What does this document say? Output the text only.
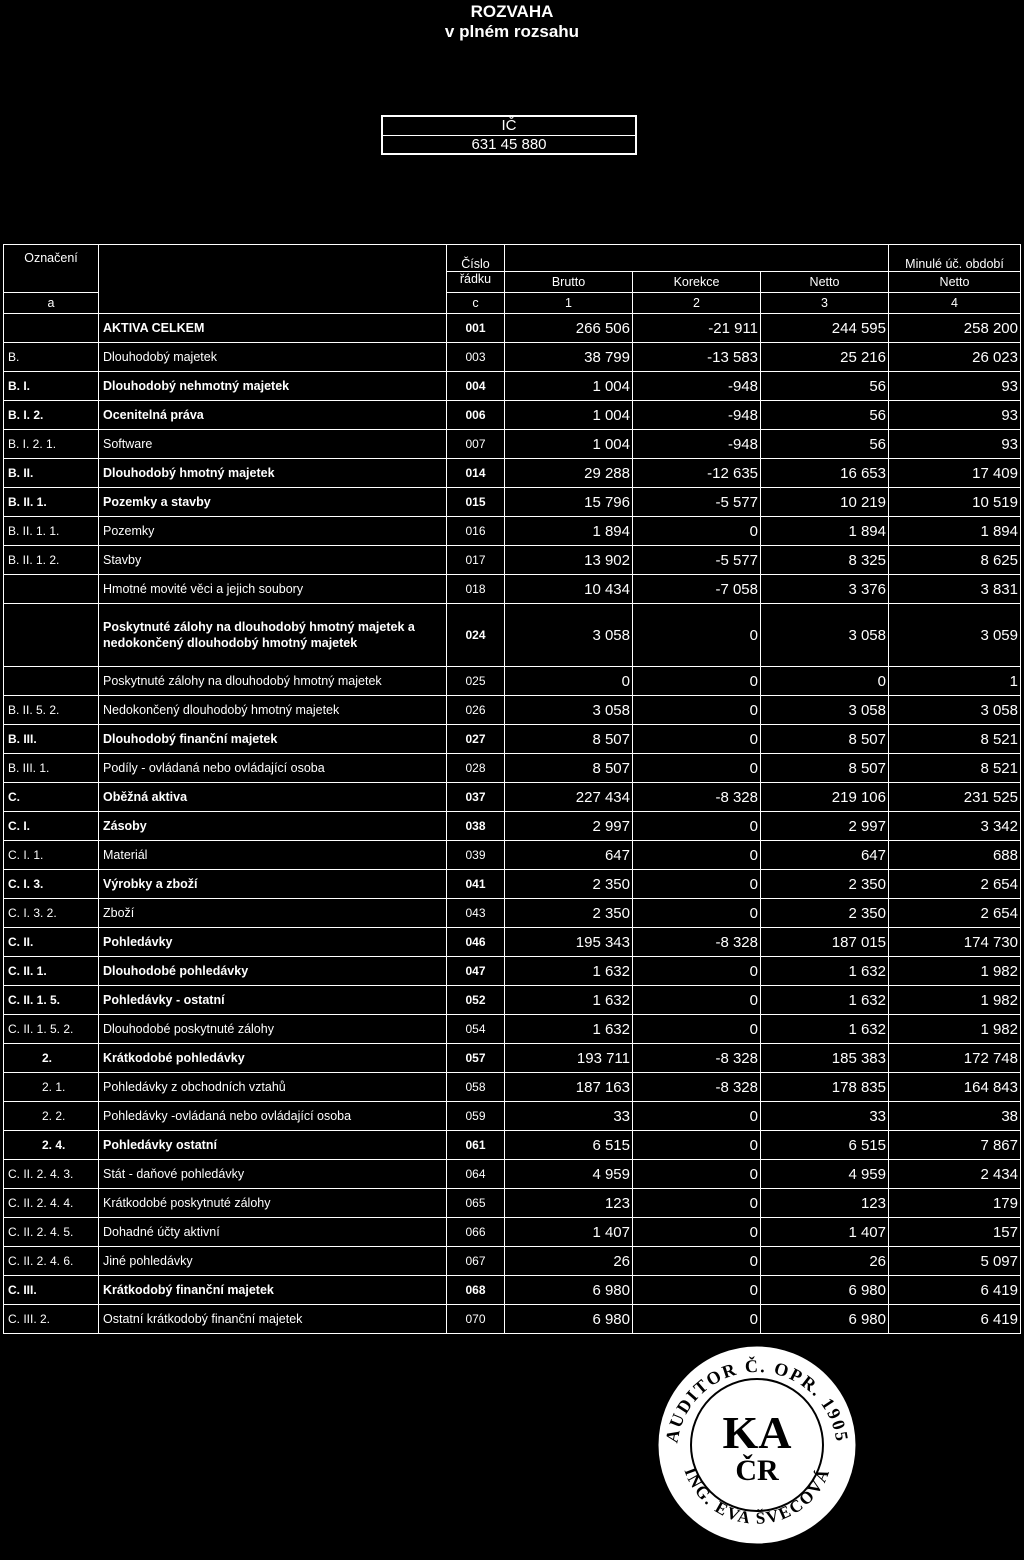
ROZVAHA
v plném rozsahu
IČ
631 45 880
Označení		Číslo				Minulé úč. období
		řádku	Brutto	Korekce	Netto	Netto
a		c	1	2	3	4
	AKTIVA CELKEM	001	266 506	-21 911	244 595	258 200
B.	Dlouhodobý majetek	003	38 799	-13 583	25 216	26 023
B. I.	Dlouhodobý nehmotný majetek	004	1 004	-948	56	93
B. I. 2.	Ocenitelná práva	006	1 004	-948	56	93
B. I. 2. 1.	Software	007	1 004	-948	56	93
B. II.	Dlouhodobý hmotný majetek	014	29 288	-12 635	16 653	17 409
B. II. 1.	Pozemky a stavby	015	15 796	-5 577	10 219	10 519
B. II. 1. 1.	Pozemky	016	1 894	0	1 894	1 894
B. II. 1. 2.	Stavby	017	13 902	-5 577	8 325	8 625
	Hmotné movité věci a jejich soubory	018	10 434	-7 058	3 376	3 831
	Poskytnuté zálohy na dlouhodobý hmotný majetek a nedokončený dlouhodobý hmotný majetek	024	3 058	0	3 058	3 059
	Poskytnuté zálohy na dlouhodobý hmotný majetek	025	0	0	0	1
B. II. 5. 2.	Nedokončený dlouhodobý hmotný majetek	026	3 058	0	3 058	3 058
B. III.	Dlouhodobý finanční majetek	027	8 507	0	8 507	8 521
B. III. 1.	Podíly - ovládaná nebo ovládající osoba	028	8 507	0	8 507	8 521
C.	Oběžná aktiva	037	227 434	-8 328	219 106	231 525
C. I.	Zásoby	038	2 997	0	2 997	3 342
C. I. 1.	Materiál	039	647	0	647	688
C. I. 3.	Výrobky a zboží	041	2 350	0	2 350	2 654
C. I. 3. 2.	Zboží	043	2 350	0	2 350	2 654
C. II.	Pohledávky	046	195 343	-8 328	187 015	174 730
C. II. 1.	Dlouhodobé pohledávky	047	1 632	0	1 632	1 982
C. II. 1. 5.	Pohledávky - ostatní	052	1 632	0	1 632	1 982
C. II. 1. 5. 2.	Dlouhodobé poskytnuté zálohy	054	1 632	0	1 632	1 982
2.	Krátkodobé pohledávky	057	193 711	-8 328	185 383	172 748
2. 1.	Pohledávky z obchodních vztahů	058	187 163	-8 328	178 835	164 843
2. 2.	Pohledávky -ovládaná nebo ovládající osoba	059	33	0	33	38
2. 4.	Pohledávky ostatní	061	6 515	0	6 515	7 867
C. II. 2. 4. 3.	Stát - daňové pohledávky	064	4 959	0	4 959	2 434
C. II. 2. 4. 4.	Krátkodobé poskytnuté zálohy	065	123	0	123	179
C. II. 2. 4. 5.	Dohadné účty aktivní	066	1 407	0	1 407	157
C. II. 2. 4. 6.	Jiné pohledávky	067	26	0	26	5 097
C. III.	Krátkodobý finanční majetek	068	6 980	0	6 980	6 419
C. III. 2.	Ostatní krátkodobý finanční majetek	070	6 980	0	6 980	6 419
AUDITOR Č. OPR. 1905
ING. EVA ŠVECOVÁ
KA
ČR
